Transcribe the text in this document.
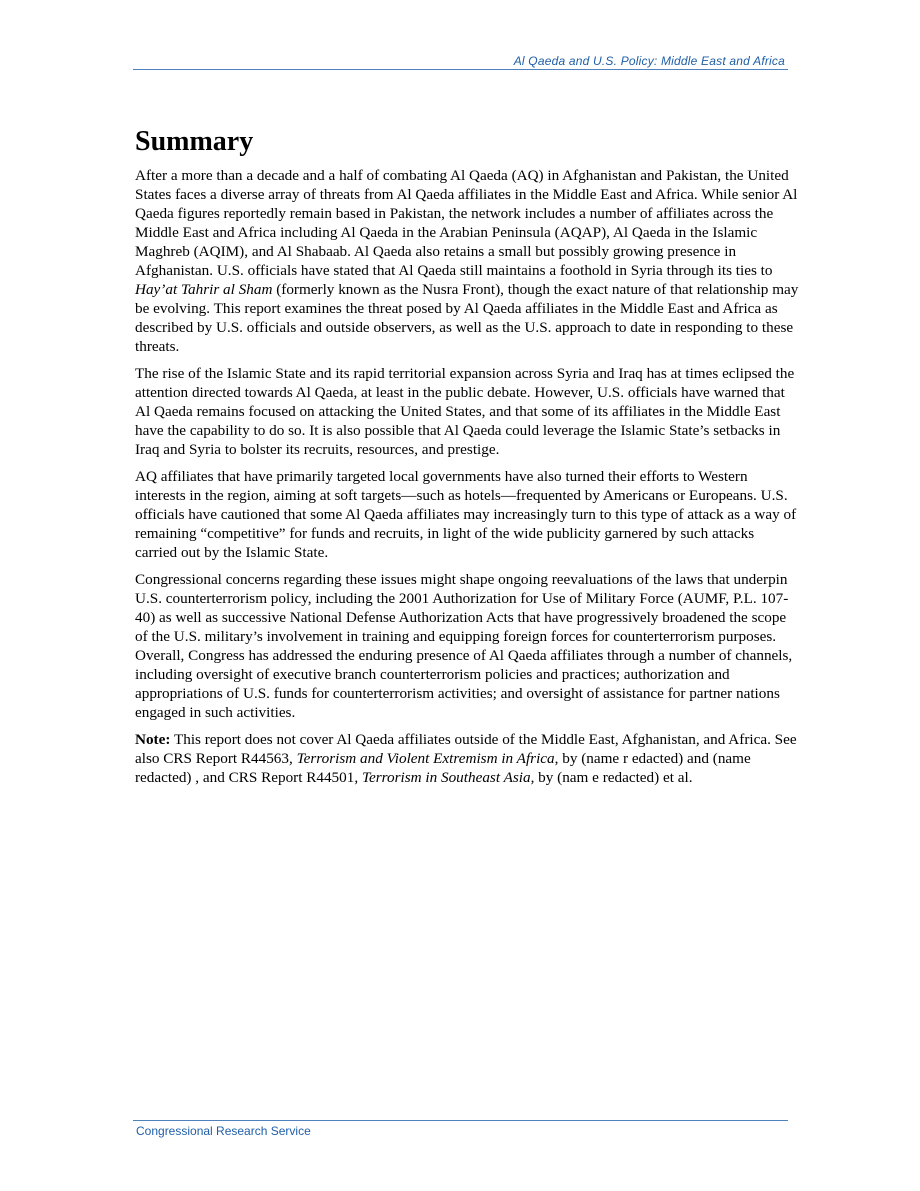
Al Qaeda and U.S. Policy: Middle East and Africa
Summary

After a more than a decade and a half of combating Al Qaeda (AQ) in Afghanistan and Pakistan, the United States faces a diverse array of threats from Al Qaeda affiliates in the Middle East and Africa. While senior Al Qaeda figures reportedly remain based in Pakistan, the network includes a number of affiliates across the Middle East and Africa including Al Qaeda in the Arabian Peninsula (AQAP), Al Qaeda in the Islamic Maghreb (AQIM), and Al Shabaab. Al Qaeda also retains a small but possibly growing presence in Afghanistan. U.S. officials have stated that Al Qaeda still maintains a foothold in Syria through its ties to Hay’at Tahrir al Sham (formerly known as the Nusra Front), though the exact nature of that relationship may be evolving. This report examines the threat posed by Al Qaeda affiliates in the Middle East and Africa as described by U.S. officials and outside observers, as well as the U.S. approach to date in responding to these threats.

The rise of the Islamic State and its rapid territorial expansion across Syria and Iraq has at times eclipsed the attention directed towards Al Qaeda, at least in the public debate. However, U.S. officials have warned that Al Qaeda remains focused on attacking the United States, and that some of its affiliates in the Middle East have the capability to do so. It is also possible that Al Qaeda could leverage the Islamic State’s setbacks in Iraq and Syria to bolster its recruits, resources, and prestige.

AQ affiliates that have primarily targeted local governments have also turned their efforts to Western interests in the region, aiming at soft targets—such as hotels—frequented by Americans or Europeans. U.S. officials have cautioned that some Al Qaeda affiliates may increasingly turn to this type of attack as a way of remaining “competitive” for funds and recruits, in light of the wide publicity garnered by such attacks carried out by the Islamic State.

Congressional concerns regarding these issues might shape ongoing reevaluations of the laws that underpin U.S. counterterrorism policy, including the 2001 Authorization for Use of Military Force (AUMF, P.L. 107-40) as well as successive National Defense Authorization Acts that have progressively broadened the scope of the U.S. military’s involvement in training and equipping foreign forces for counterterrorism purposes. Overall, Congress has addressed the enduring presence of Al Qaeda affiliates through a number of channels, including oversight of executive branch counterterrorism policies and practices; authorization and appropriations of U.S. funds for counterterrorism activities; and oversight of assistance for partner nations engaged in such activities.

Note: This report does not cover Al Qaeda affiliates outside of the Middle East, Afghanistan, and Africa. See also CRS Report R44563, Terrorism and Violent Extremism in Africa, by (name r edacted) and (name redacted) , and CRS Report R44501, Terrorism in Southeast Asia, by (nam e redacted) et al.

Congressional Research Service
